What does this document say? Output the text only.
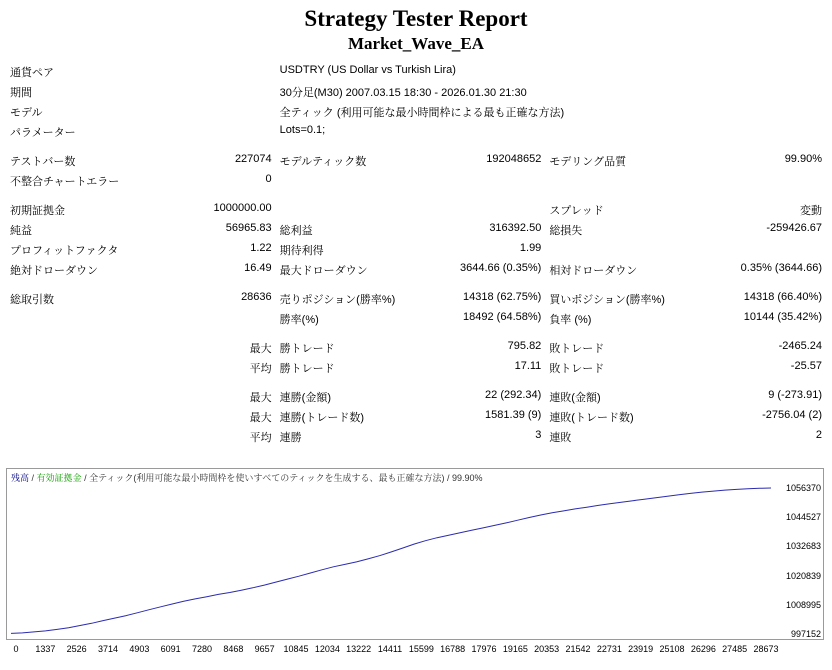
Strategy Tester Report
Market_Wave_EA
通貨ペア		USDTRY (US Dollar vs Turkish Lira)			
期間		30分足(M30) 2007.03.15 18:30 - 2026.01.30 21:30			
モデル		全ティック (利用可能な最小時間枠による最も正確な方法)			
パラメーター		Lots=0.1;			

テストバー数	227074	モデルティック数	192048652	モデリング品質	99.90%
不整合チャートエラー	0				

初期証拠金	1000000.00			スプレッド	変動
純益	56965.83	総利益	316392.50	総損失	-259426.67
プロフィットファクタ	1.22	期待利得	1.99		
絶対ドローダウン	16.49	最大ドローダウン	3644.66 (0.35%)	相対ドローダウン	0.35% (3644.66)

総取引数	28636	売りポジション(勝率%)	14318 (62.75%)	買いポジション(勝率%)	14318 (66.40%)
		勝率(%)	18492 (64.58%)	負率 (%)	10144 (35.42%)

	最大	勝トレード	795.82	敗トレード	-2465.24
	平均	勝トレード	17.11	敗トレード	-25.57

	最大	連勝(金額)	22 (292.34)	連敗(金額)	9 (-273.91)
	最大	連勝(トレード数)	1581.39 (9)	連敗(トレード数)	-2756.04 (2)
	平均	連勝	3	連敗	2
残高 / 有効証拠金 / 全ティック(利用可能な最小時間枠を使いすべてのティックを生成する、最も正確な方法) / 99.90%
1056370
1044527
1032683
1020839
1008995
997152
0 1337 2526 3714 4903 6091 7280 8468 9657 10845 12034 13222 14411 15599 16788 17976 19165 20353 21542 22731 23919 25108 26296 27485 28673
